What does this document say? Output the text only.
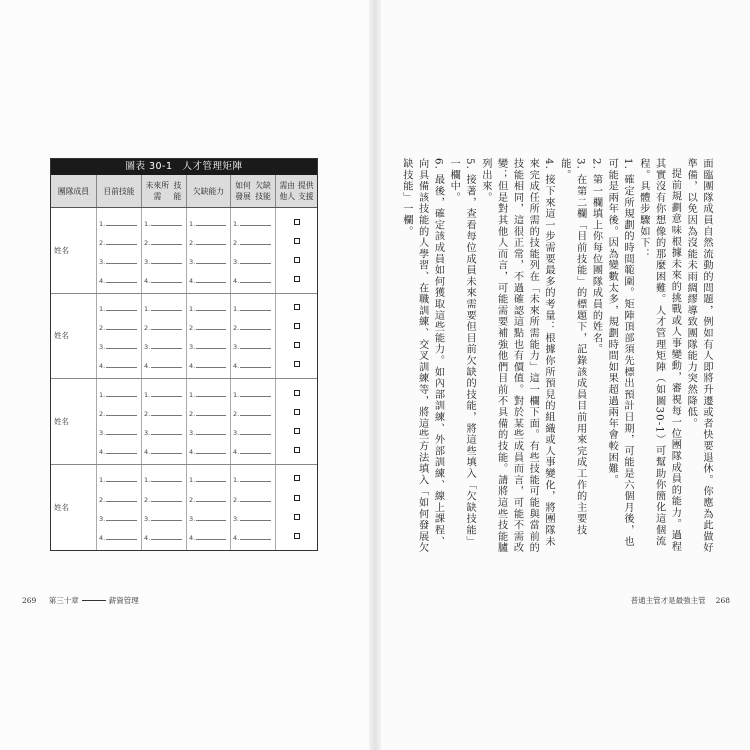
圖表 30-1　人才管理矩陣
團隊成員 目前技能
未來所需

技能
欠缺能力
如何發展

欠缺技能
需由他人

提供支援
姓名
1.
2.
3.
4.
1.
2.
3.
4.
1.
2.
3.
4.
1.
2.
3.
4.
姓名
1.
2.
3.
4.
1.
2.
3.
4.
1.
2.
3.
4.
1.
2.
3.
4.
姓名
1.
2.
3.
4.
1.
2.
3.
4.
1.
2.
3.
4.
1.
2.
3.
4.
姓名
1.
2.
3.
4.
1.
2.
3.
4.
1.
2.
3.
4.
1.
2.
3.
4.
269 第三十章	薪資管理

面臨團隊成員自然流動的問題，例如有人即將升遷或者快要退休。你應為此做好準備，以免因為沒能未雨綢繆導致團隊能力突然降低。

提前規劃意味根據未來的挑戰或人事變動，審視每一位團隊成員的能力。過程其實沒有你想像的那麼困難。人才管理矩陣（如圖30-1）可幫助你簡化這個流程。具體步驟如下：

1. 確定所規劃的時間範圍。矩陣頂部須先標出預計日期，可能是六個月後，也可能是兩年後。因為變數太多，規劃時間如果超過兩年會較困難。

2. 第一欄填上你每位團隊成員的姓名。

3. 在第二欄「目前技能」的標題下，記錄該成員目前用來完成工作的主要技能。

4. 接下來這一步需要最多的考量：根據你所預見的組織或人事變化，將團隊未來完成任所需的技能列在「未來所需能力」這一欄下面。有些技能可能與當前的技能相同，這很正常，不過確認這點也有價值。對於某些成員而言，可能不需改變；但是對其他人而言，可能需要補強他們目前不具備的技能。請將這些技能臚列出來。

5. 接著，查看每位成員未來需要但目前欠缺的技能，將這些填入「欠缺技能」一欄中。

6. 最後，確定該成員如何獲取這些能力。如內部訓練、外部訓練、線上課程、向具備該技能的人學習、在職訓練、交叉訓練等，將這些方法填入「如何發展欠缺技能」一欄。

普通主管才是最強主管 268
